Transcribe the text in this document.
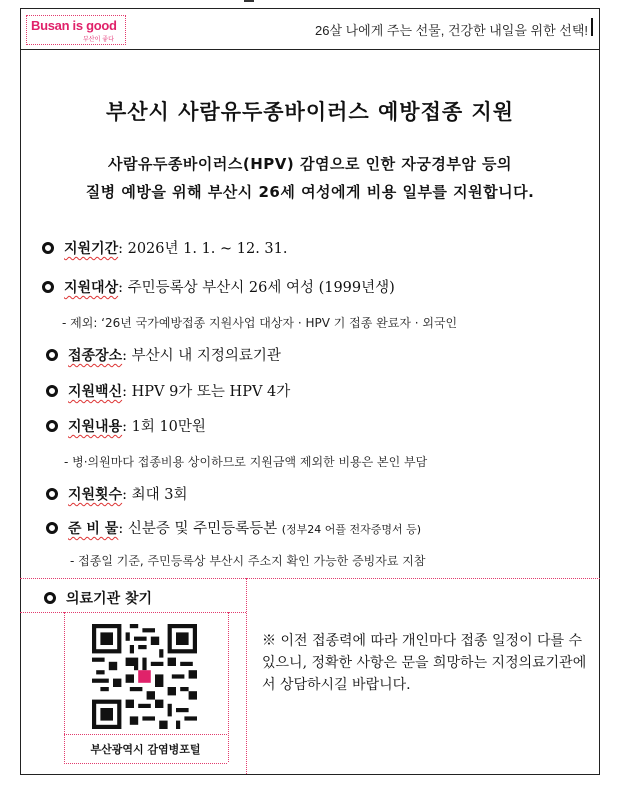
Busan is good
부산이 좋다
26살 나에게 주는 선물, 건강한 내일을 위한 선택!
부산시 사람유두종바이러스 예방접종 지원
사람유두종바이러스(HPV) 감염으로 인한 자궁경부암 등의
질병 예방을 위해 부산시 26세 여성에게 비용 일부를 지원합니다.
지원기간: 2026년 1. 1. ~ 12. 31.
지원대상: 주민등록상 부산시 26세 여성 (1999년생)
- 제외: ‘26년 국가예방접종 지원사업 대상자 · HPV 기 접종 완료자 · 외국인
접종장소: 부산시 내 지정의료기관
지원백신: HPV 9가 또는 HPV 4가
지원내용: 1회 10만원
- 병·의원마다 접종비용 상이하므로 지원금액 제외한 비용은 본인 부담
지원횟수: 최대 3회
준 비 물: 신분증 및 주민등록등본 (정부24 어플 전자증명서 등)
- 접종일 기준, 주민등록상 부산시 주소지 확인 가능한 증빙자료 지참
의료기관 찾기
부산광역시 감염병포털
※ 이전 접종력에 따라 개인마다 접종 일정이 다를 수 있으니, 정확한 사항은 문을 희망하는 지정의료기관에서 상담하시길 바랍니다.
